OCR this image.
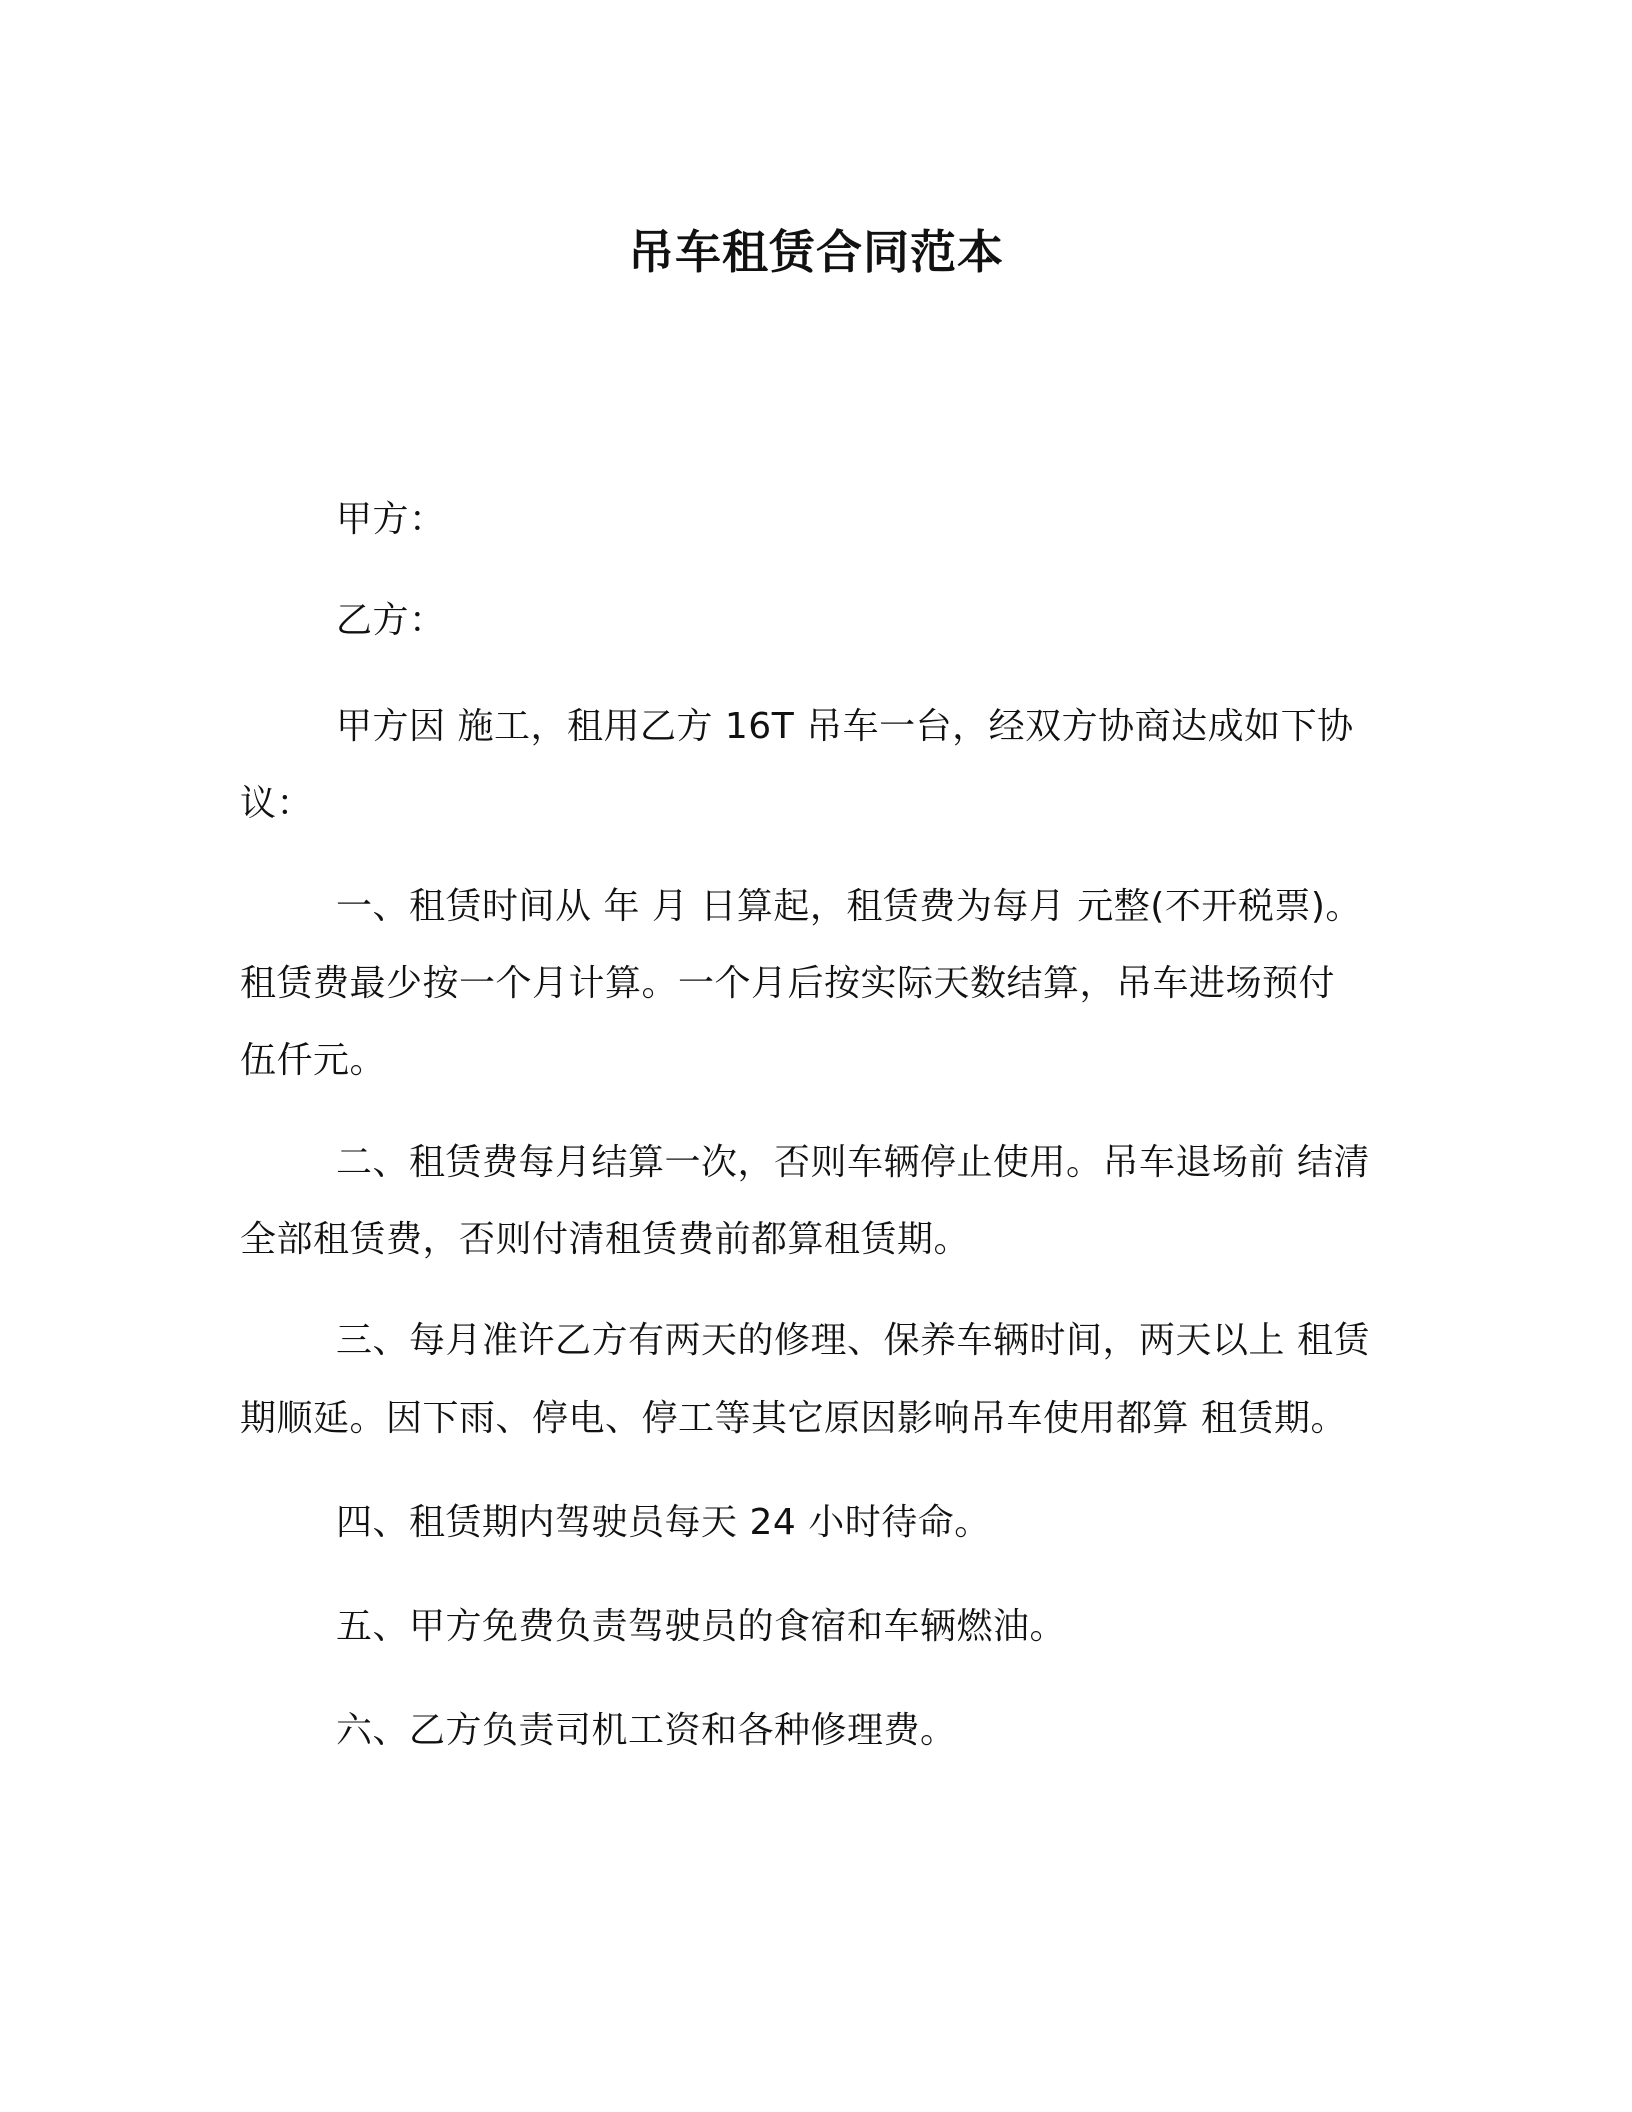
吊车租赁合同范本
甲方：
乙方：
甲方因 施工，租用乙方 16T 吊车一台，经双方协商达成如下协
议：
一、租赁时间从 年 月 日算起，租赁费为每月 元整(不开税票)。
租赁费最少按一个月计算。一个月后按实际天数结算，吊车进场预付
伍仟元。
二、租赁费每月结算一次，否则车辆停止使用。吊车退场前 结清
全部租赁费，否则付清租赁费前都算租赁期。
三、每月准许乙方有两天的修理、保养车辆时间，两天以上 租赁
期顺延。因下雨、停电、停工等其它原因影响吊车使用都算 租赁期。
四、租赁期内驾驶员每天 24 小时待命。
五、甲方免费负责驾驶员的食宿和车辆燃油。
六、乙方负责司机工资和各种修理费。
